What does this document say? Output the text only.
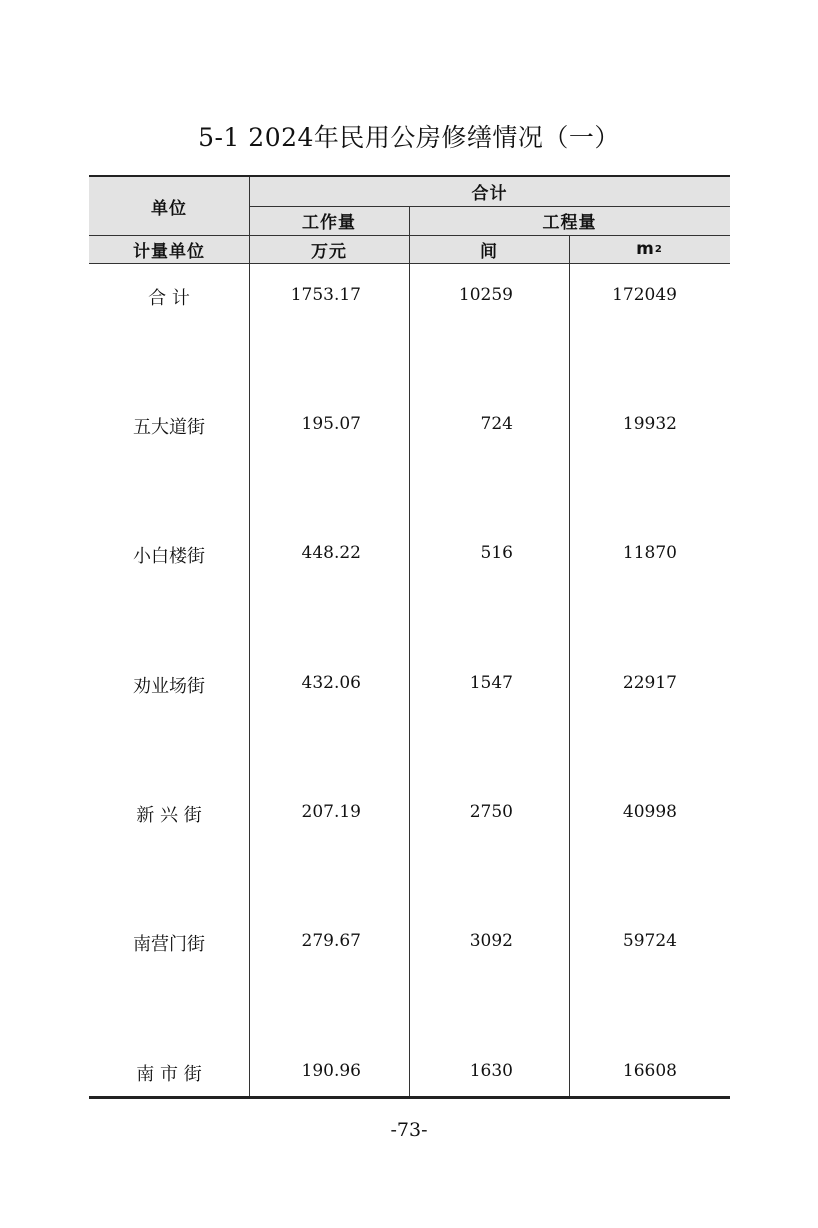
5-1 2024年民用公房修缮情况（一）
单位
合计
工作量	工程量
计量单位	万元	间	m 2
合 计	1753.17	10259	172049
五大道街	195.07	724	19932
小白楼街	448.22	516	11870
劝业场街	432.06	1547	22917
新 兴 街	207.19	2750	40998
南营门街	279.67	3092	59724
南 市 街	190.96	1630	16608
-73-
